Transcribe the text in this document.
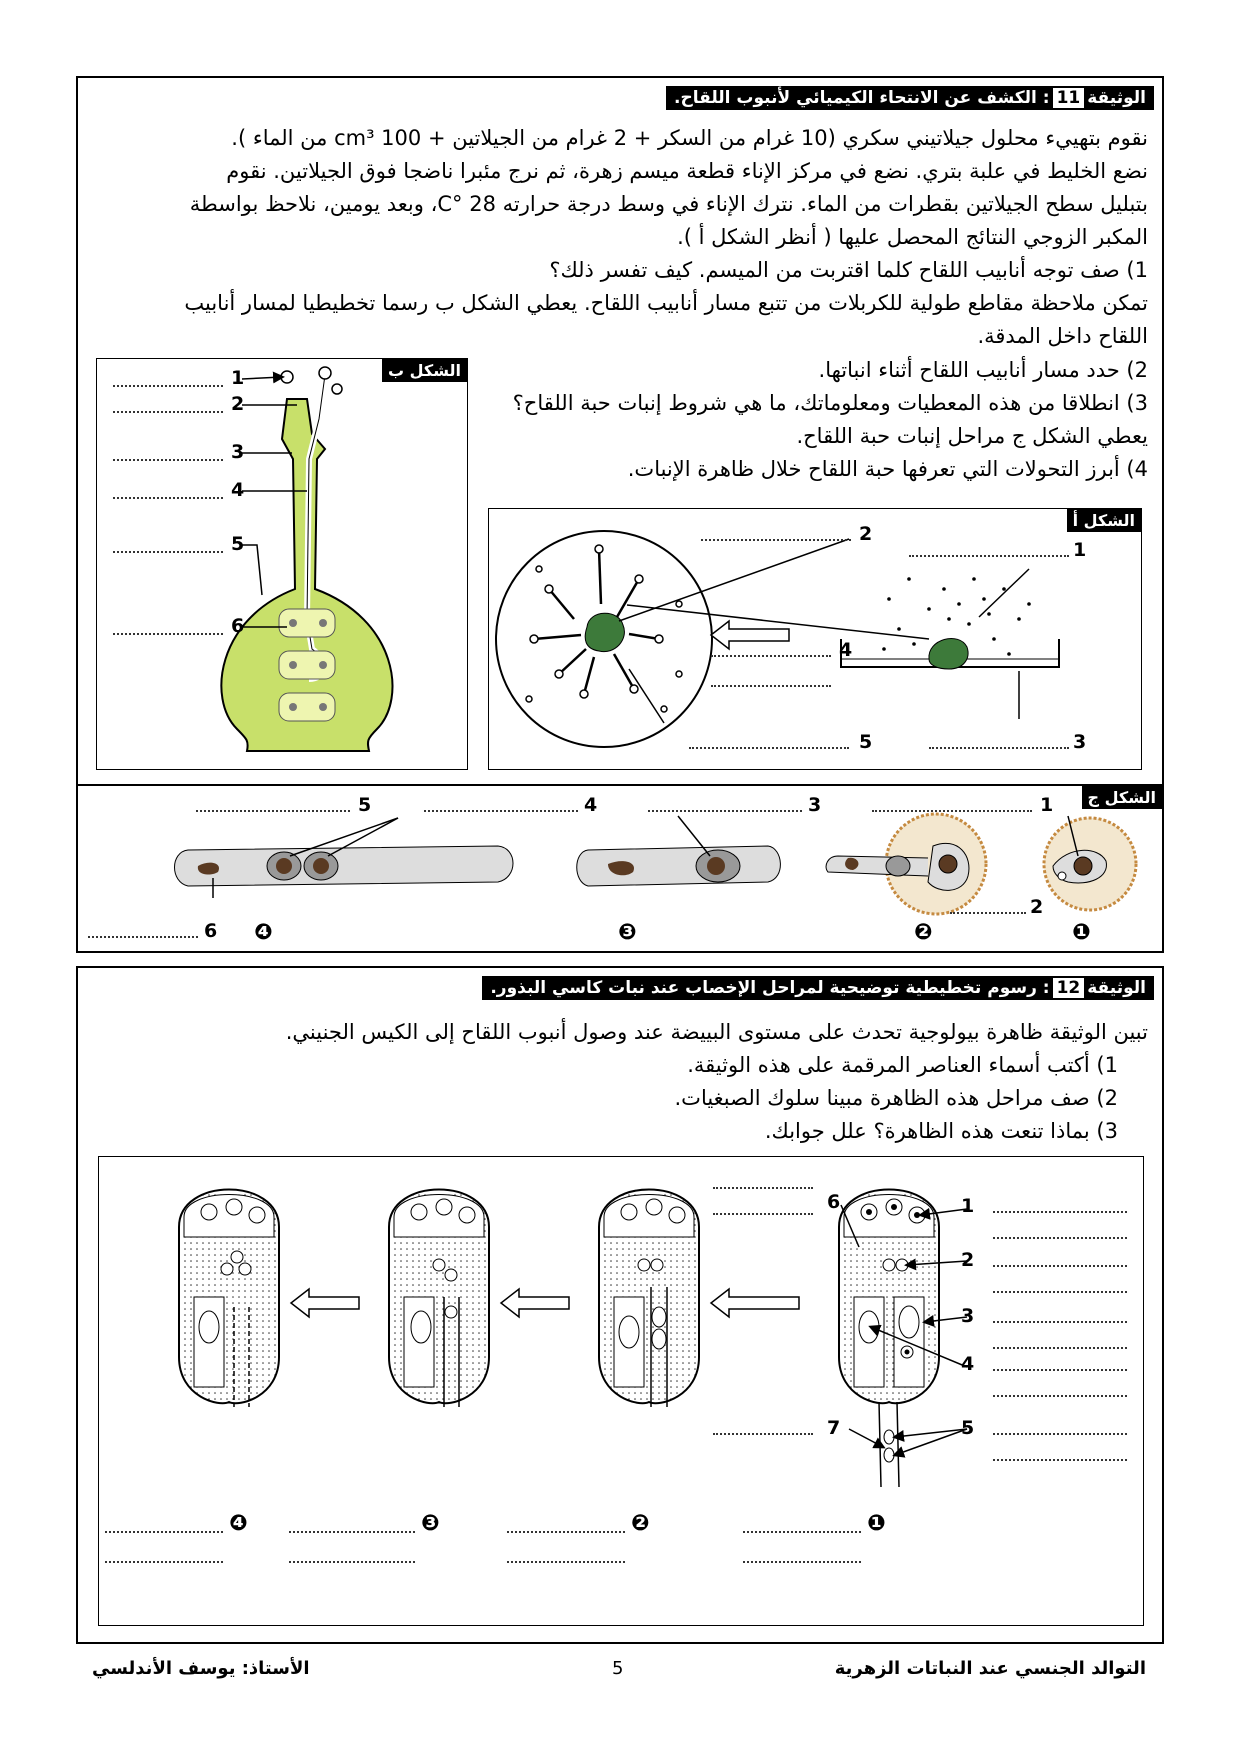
الوثيقة11: الكشف عن الانتحاء الكيميائي لأنبوب اللقاح.

نقوم بتهييء محلول جيلاتيني سكري (10 غرام من السكر + 2 غرام من الجيلاتين + 100 cm³ من الماء ).

نضع الخليط في علبة بتري. نضع في مركز الإناء قطعة ميسم زهرة، ثم نرج مئبرا ناضجا فوق الجيلاتين. نقوم

بتبليل سطح الجيلاتين بقطرات من الماء. نترك الإناء في وسط درجة حرارته 28 °C، وبعد يومين، نلاحظ بواسطة

المكبر الزوجي النتائج المحصل عليها ( أنظر الشكل أ ).

1) صف توجه أنابيب اللقاح كلما اقتربت من الميسم. كيف تفسر ذلك؟

تمكن ملاحظة مقاطع طولية للكربلات من تتبع مسار أنابيب اللقاح. يعطي الشكل ب رسما تخطيطيا لمسار أنابيب

اللقاح داخل المدقة.

2) حدد مسار أنابيب اللقاح أثناء انباتها.

3) انطلاقا من هذه المعطيات ومعلوماتك، ما هي شروط إنبات حبة اللقاح؟

يعطي الشكل ج مراحل إنبات حبة اللقاح.

4) أبرز التحولات التي تعرفها حبة اللقاح خلال ظاهرة الإنبات.

الشكل ب
1
2
3
4
5
6
الشكل أ
1
2
3
4
5
الشكل ج
1
2
3
4
5
6	❶
❷
❸
❹
الوثيقة12: رسوم تخطيطية توضيحية لمراحل الإخصاب عند نبات كاسي البذور.

تبين الوثيقة ظاهرة بيولوجية تحدث على مستوى البييضة عند وصول أنبوب اللقاح إلى الكيس الجنيني.

1) أكتب أسماء العناصر المرقمة على هذه الوثيقة.

2) صف مراحل هذه الظاهرة مبينا سلوك الصبغيات.

3) بماذا تنعت هذه الظاهرة؟ علل جوابك.

1
2
3
4
5
6
7
❶
❷
❸
❹
التوالد الجنسي عند النباتات الزهرية
5
الأستاذ: يوسف الأندلسي
